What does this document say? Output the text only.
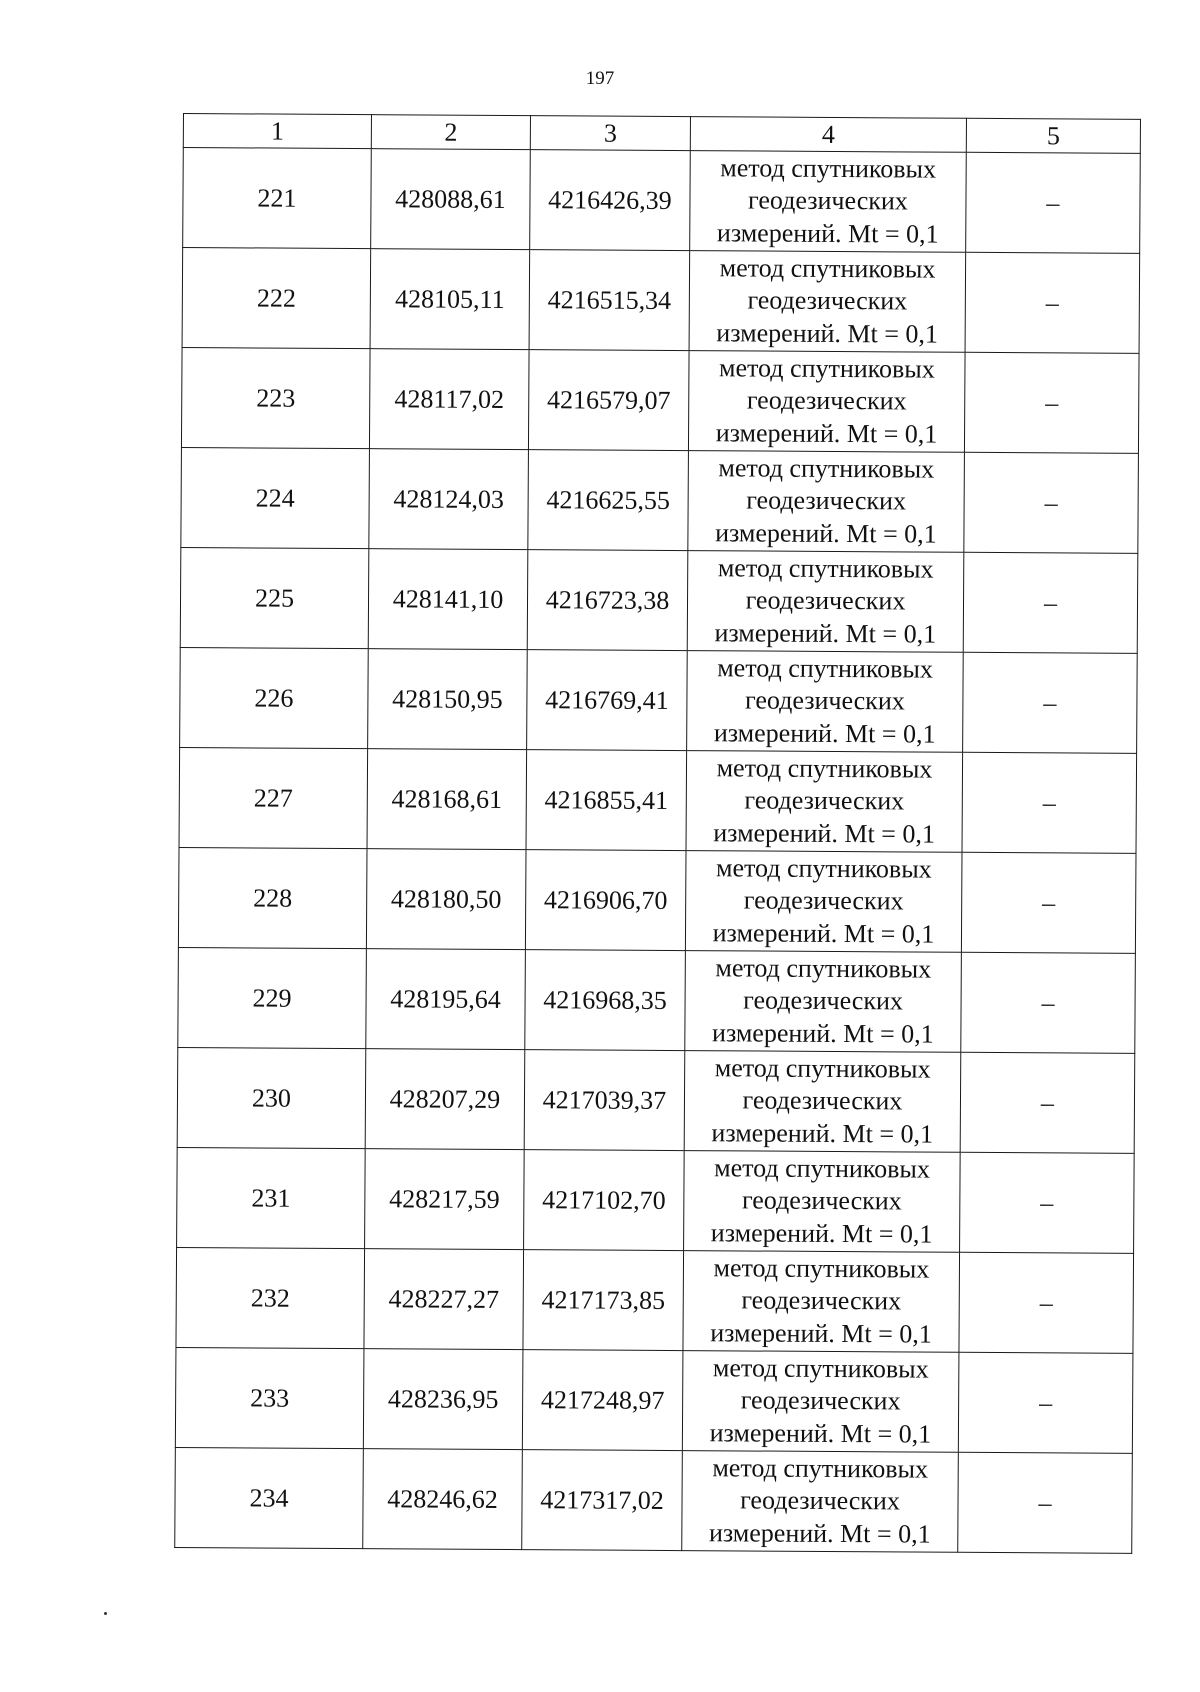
197
1	2	3	4	5
221	428088,61	4216426,39	метод спутниковых
геодезических
измерений. Mt = 0,1	–
222	428105,11	4216515,34	метод спутниковых
геодезических
измерений. Mt = 0,1	–
223	428117,02	4216579,07	метод спутниковых
геодезических
измерений. Mt = 0,1	–
224	428124,03	4216625,55	метод спутниковых
геодезических
измерений. Mt = 0,1	–
225	428141,10	4216723,38	метод спутниковых
геодезических
измерений. Mt = 0,1	–
226	428150,95	4216769,41	метод спутниковых
геодезических
измерений. Mt = 0,1	–
227	428168,61	4216855,41	метод спутниковых
геодезических
измерений. Mt = 0,1	–
228	428180,50	4216906,70	метод спутниковых
геодезических
измерений. Mt = 0,1	–
229	428195,64	4216968,35	метод спутниковых
геодезических
измерений. Mt = 0,1	–
230	428207,29	4217039,37	метод спутниковых
геодезических
измерений. Mt = 0,1	–
231	428217,59	4217102,70	метод спутниковых
геодезических
измерений. Mt = 0,1	–
232	428227,27	4217173,85	метод спутниковых
геодезических
измерений. Mt = 0,1	–
233	428236,95	4217248,97	метод спутниковых
геодезических
измерений. Mt = 0,1	–
234	428246,62	4217317,02	метод спутниковых
геодезических
измерений. Mt = 0,1	–
